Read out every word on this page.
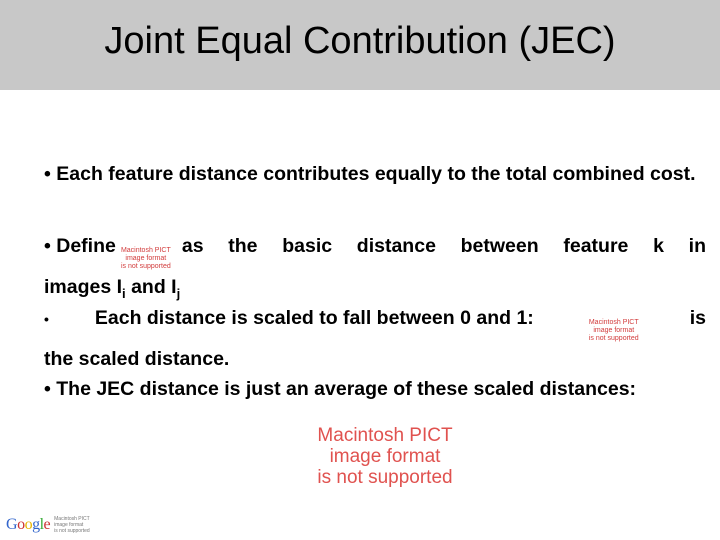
Joint Equal Contribution (JEC)
• Each feature distance contributes equally to the total combined cost.
• Define Macintosh PICT
image format
is not supported
as the basic distance between feature k in
images $I_i$ and $I_j$
• Each distance is scaled to fall between 0 and 1:	Macintosh PICT
image format
is not supported
is
the scaled distance.
• The JEC distance is just an average of these scaled distances:
Macintosh PICT
image format
is not supported
Google Macintosh PICT
image format
is not supported
